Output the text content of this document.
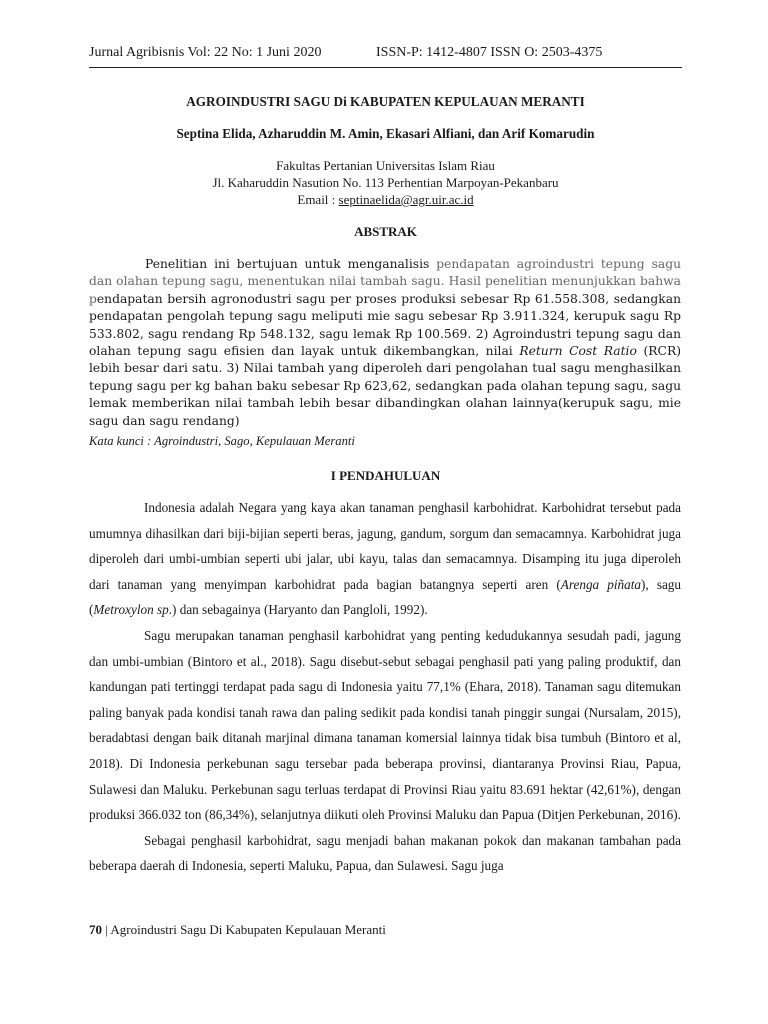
Jurnal Agribisnis Vol: 22 No: 1 Juni 2020	ISSN-P: 1412-4807 ISSN O: 2503-4375
AGROINDUSTRI SAGU Di KABUPATEN KEPULAUAN MERANTI
Septina Elida, Azharuddin M. Amin, Ekasari Alfiani, dan Arif Komarudin
Fakultas Pertanian Universitas Islam Riau
Jl. Kaharuddin Nasution No. 113 Perhentian Marpoyan-Pekanbaru
Email : septinaelida@agr.uir.ac.id
ABSTRAK

Penelitian ini bertujuan untuk menganalisis pendapatan agroindustri tepung sagu dan olahan tepung sagu, menentukan nilai tambah sagu. Hasil penelitian menunjukkan bahwa pendapatan bersih agronodustri sagu per proses produksi sebesar Rp 61.558.308, sedangkan pendapatan pengolah tepung sagu meliputi mie sagu sebesar Rp 3.911.324, kerupuk sagu Rp 533.802, sagu rendang Rp 548.132, sagu lemak Rp 100.569. 2) Agroindustri tepung sagu dan olahan tepung sagu efisien dan layak untuk dikembangkan, nilai Return Cost Ratio (RCR) lebih besar dari satu. 3) Nilai tambah yang diperoleh dari pengolahan tual sagu menghasilkan tepung sagu per kg bahan baku sebesar Rp 623,62, sedangkan pada olahan tepung sagu, sagu lemak memberikan nilai tambah lebih besar dibandingkan olahan lainnya(kerupuk sagu, mie sagu dan sagu rendang)

Kata kunci : Agroindustri, Sago, Kepulauan Meranti
I PENDAHULUAN

Indonesia adalah Negara yang kaya akan tanaman penghasil karbohidrat. Karbohidrat tersebut pada umumnya dihasilkan dari biji-bijian seperti beras, jagung, gandum, sorgum dan semacamnya. Karbohidrat juga diperoleh dari umbi-umbian seperti ubi jalar, ubi kayu, talas dan semacamnya. Disamping itu juga diperoleh dari tanaman yang menyimpan karbohidrat pada bagian batangnya seperti aren (Arenga piñata), sagu (Metroxylon sp.) dan sebagainya (Haryanto dan Pangloli, 1992).

Sagu merupakan tanaman penghasil karbohidrat yang penting kedudukannya sesudah padi, jagung dan umbi-umbian (Bintoro et al., 2018). Sagu disebut-sebut sebagai penghasil pati yang paling produktif, dan kandungan pati tertinggi terdapat pada sagu di Indonesia yaitu 77,1% (Ehara, 2018). Tanaman sagu ditemukan paling banyak pada kondisi tanah rawa dan paling sedikit pada kondisi tanah pinggir sungai (Nursalam, 2015), beradabtasi dengan baik ditanah marjinal dimana tanaman komersial lainnya tidak bisa tumbuh (Bintoro et al, 2018). Di Indonesia perkebunan sagu tersebar pada beberapa provinsi, diantaranya Provinsi Riau, Papua, Sulawesi dan Maluku. Perkebunan sagu terluas terdapat di Provinsi Riau yaitu 83.691 hektar (42,61%), dengan produksi 366.032 ton (86,34%), selanjutnya diikuti oleh Provinsi Maluku dan Papua (Ditjen Perkebunan, 2016).

Sebagai penghasil karbohidrat, sagu menjadi bahan makanan pokok dan makanan tambahan pada beberapa daerah di Indonesia, seperti Maluku, Papua, dan Sulawesi. Sagu juga

70 | Agroindustri Sagu Di Kabupaten Kepulauan Meranti
